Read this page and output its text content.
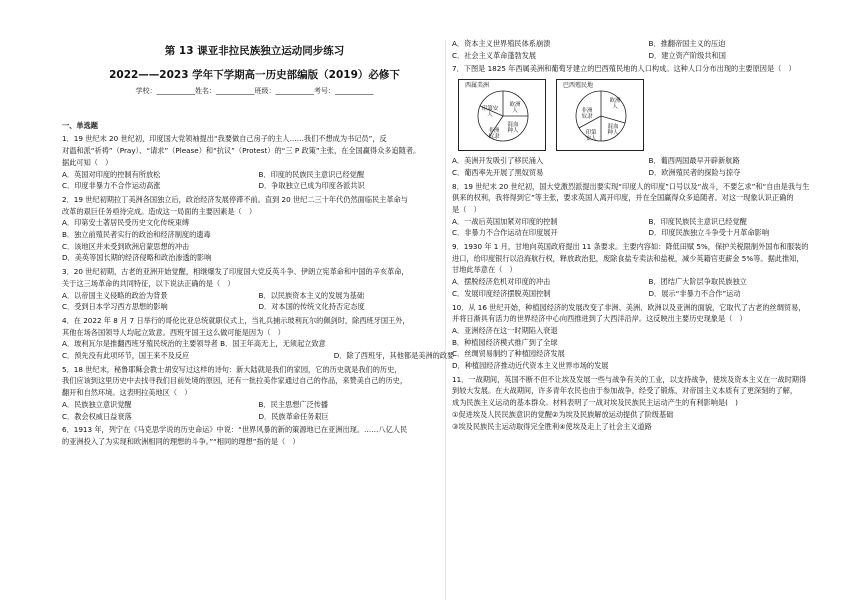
第 13 课亚非拉民族独立运动同步练习
2022——2023 学年下学期高一历史部编版（2019）必修下
学校：___________姓名：___________班级：___________考号：___________
一、单选题
1．19 世纪末 20 世纪初，印度国大党领袖提出“我要做自己房子的主人……我们不想成为书记员”，反
对温和派“祈祷”（Pray）、“请求”（Please）和“抗议”（Protest）的“三 P 政策”主张，在全国赢得众多追随者。
据此可知（　）
A．英国对印度的控制有所放松	B．印度的民族民主意识已经觉醒
C．印度非暴力不合作运动高涨	D．争取独立已成为印度各派共识
2．19 世纪初期拉丁美洲各国独立后，政治经济发展停滞不前。直到 20 世纪二三十年代仍然面临民主革命与
改革的艰巨任务亟待完成。造成这一局面的主要因素是（　）
A．印第安土著居民受历史文化传统束缚
B．独立前殖民者实行的政治和经济制度的遗毒
C．该地区并未受到欧洲启蒙思想的冲击
D．美英等国长期的经济侵略和政治渗透的影响
3．20 世纪初期，古老的亚洲开始觉醒，相继爆发了印度国大党反英斗争、伊朗立宪革命和中国的辛亥革命，
关于这三场革命的共同特征，以下说法正确的是（　）
A．以帝国主义侵略的政治为背景	B．以民族资本主义的发展为基础
C．受到日本学习西方思想的影响	D．对本国的传统文化持否定态度
4．在 2022 年 8 月 7 日举行的哥伦比亚总统就职仪式上，当礼兵捕示玻利瓦尔的佩剑时，除西班牙国王外，
其他在场各国领导人均起立致意。西班牙国王这么做可能是因为（　）
A．玻利瓦尔是推翻西班牙殖民统治的主要领导者 B．国王年高无上，无须起立致意
C．预先没有此项环节，国王来不及反应	D．除了西班牙，其他都是美洲的政要
5．18 世纪末，秘鲁耶稣会教士胡安写过这样的诗句：新大陆就是我们的家园，它的历史就是我们的历史，
我们应该到这里历史中去找寻我们目前处境的原因，还有一批拉美作家通过自己的作品，来赞美自己的历史，
翻开和自然环境。这表明拉美地区（　）
A．民族独立意识觉醒	B．民主思想广泛传播
C．教会权威日益衰落	D．民族革命任务艰巨
6．1913 年，列宁在《马克思学说的历史命运》中说：“世界风暴的新的策源地已在亚洲出现。……八亿人民
的亚洲投入了为实现和欧洲相同的理想的斗争。”“相同的理想”指的是（　）
A．资本主义世界殖民体系崩溃	B．推翻帝国主义的压迫
C．社会主义革命蓬勃发展	D．建立资产阶级共和国
7．下图是 1825 年西属美洲和葡萄牙建立的巴西殖民地的人口构成。这种人口分布出现的主要原因是（　）
西属美洲
印第安人
欧洲人
混血种人
非洲奴隶
巴西殖民地
非洲奴隶
欧洲人
混血种人
印第安人
A．美洲开发吸引了移民涌入	B．葡西两国最早开辟新航路
C．葡西率先开展了黑奴贸易	D．欧洲殖民者的探险与掠夺
8．19 世纪末 20 世纪初，国大党激烈派提出要实现“印度人的印度”口号以及“战斗，不要乞求”和“自由是我与生
俱来的权利，我将得到它”等主张，要求英国人离开印度，并在全国赢得众多追随者。对这一现象认识正确的
是（　）
A．一战后英国加紧对印度的控制	B．印度民族民主意识已经觉醒
C．非暴力不合作运动在印度展开	D．印度民族独立斗争受十月革命影响
9．1930 年 1 月，甘地向英国政府提出 11 条要求。主要内容如：降低田赋 5%，保护关税限制外国布和服装的
进口，给印度银行以沿海航行权，释放政治犯，废除食盐专卖法和盐税，减少英籍官吏薪金 5%等。据此推知，
甘地此举意在（　）
A．摆脱经济危机对印度的冲击	B．团结广大阶层争取民族独立
C．发展印度经济摆脱英国控制	D．展示“非暴力不合作”运动
10．从 16 世纪开始，种植园经济的发展改变了非洲、美洲、欧洲以及亚洲的面貌，它取代了古老的丝绸贸易，
并将日渐具有活力的世界经济中心向西推进到了大西洋沿岸。这反映出主要历史现象是（　）
A．亚洲经济在这一时期陷入衰退
B．种植园经济模式推广到了全球
C．丝绸贸易制约了种植园经济发展
D．种植园经济推动近代资本主义世界市场的发展
11．一战期间，英国不断不但不让埃及发展一些与战争有关的工业，以支持战争，使埃及资本主义在一战时期得
到较大发展。在大战期间，许多青年农民也由于参加战争，经受了锻炼，对帝国主义本质有了更深刻的了解，
成为民族主义运动的基本群众。材料表明了一战对埃及民族民主运动产生的有利影响是(　)
①促进埃及人民民族意识的觉醒②为埃及民族解放运动提供了阶级基础
③埃及民族民主运动取得完全胜利④使埃及走上了社会主义道路
